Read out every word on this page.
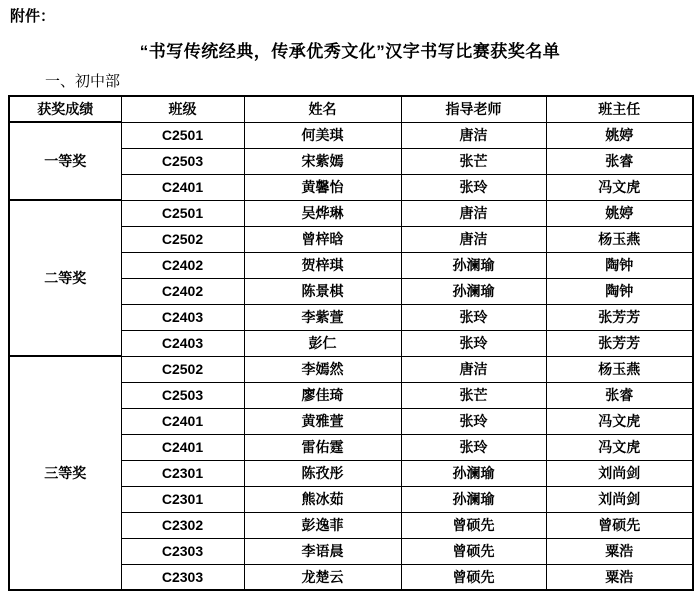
附件：
“书写传统经典，传承优秀文化”汉字书写比赛获奖名单
一、初中部
获奖成绩	班级	姓名	指导老师	班主任
一等奖	C2501	何美琪	唐洁	姚婷
	C2503	宋紫嫣	张芒	张睿
	C2401	黄馨怡	张玲	冯文虎
二等奖	C2501	吴烨琳	唐洁	姚婷
	C2502	曾梓晗	唐洁	杨玉燕
	C2402	贺梓琪	孙澜瑜	陶钟
	C2402	陈景棋	孙澜瑜	陶钟
	C2403	李紫萱	张玲	张芳芳
	C2403	彭仁	张玲	张芳芳
三等奖	C2502	李嫣然	唐洁	杨玉燕
	C2503	廖佳琦	张芒	张睿
	C2401	黄雅萱	张玲	冯文虎
	C2401	雷佑霆	张玲	冯文虎
	C2301	陈孜彤	孙澜瑜	刘尚剑
	C2301	熊冰茹	孙澜瑜	刘尚剑
	C2302	彭逸菲	曾硕先	曾硕先
	C2303	李语晨	曾硕先	粟浩
	C2303	龙楚云	曾硕先	粟浩
